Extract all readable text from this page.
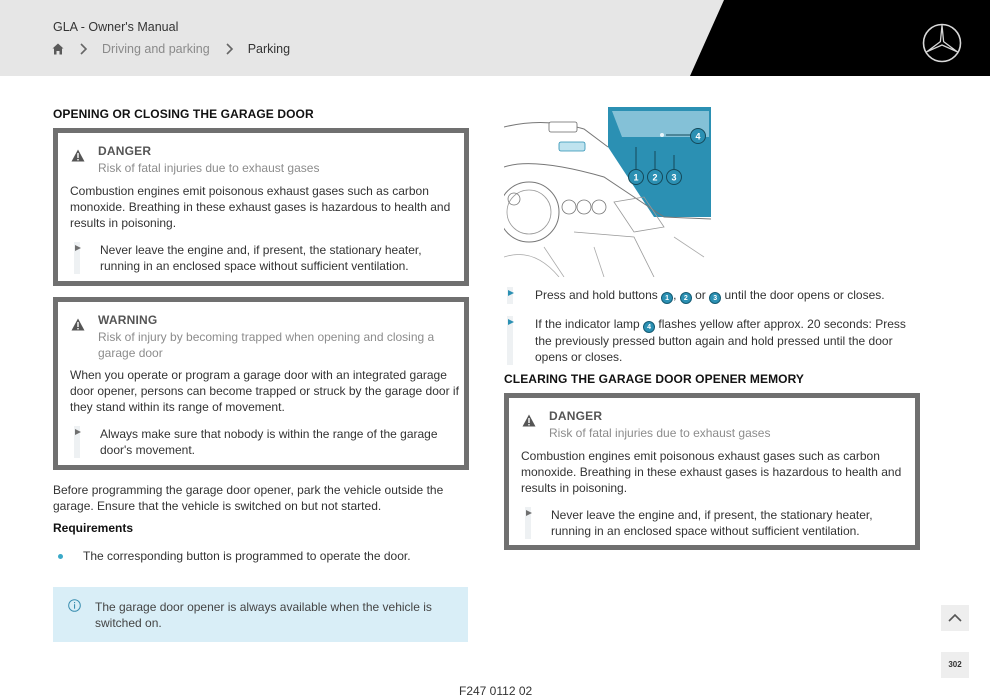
GLA - Owner's Manual
Driving and parking	Parking
OPENING OR CLOSING THE GARAGE DOOR
DANGER
Risk of fatal injuries due to exhaust gases
Combustion engines emit poisonous exhaust gases such as carbon monoxide. Breathing in these exhaust gases is hazardous to health and results in poisoning.
Never leave the engine and, if present, the stationary heater, running in an enclosed space without sufficient ventilation.
WARNING
Risk of injury by becoming trapped when opening and closing a garage door
When you operate or program a garage door with an integrated garage door opener, persons can become trapped or struck by the garage door if they stand within its range of movement.
Always make sure that nobody is within the range of the garage door's movement.
Before programming the garage door opener, park the vehicle outside the garage. Ensure that the vehicle is switched on but not started.
Requirements
The corresponding button is programmed to operate the door.
The garage door opener is always available when the vehicle is switched on.
1 2 3
4
Press and hold buttons 1 , 2 or 3 until the door opens or closes.
If the indicator lamp 4 flashes yellow after approx. 20 seconds: Press the previously pressed button again and hold pressed until the door opens or closes.
CLEARING THE GARAGE DOOR OPENER MEMORY
DANGER
Risk of fatal injuries due to exhaust gases
Combustion engines emit poisonous exhaust gases such as carbon monoxide. Breathing in these exhaust gases is hazardous to health and results in poisoning.
Never leave the engine and, if present, the stationary heater, running in an enclosed space without sufficient ventilation.
302
F247 0112 02
